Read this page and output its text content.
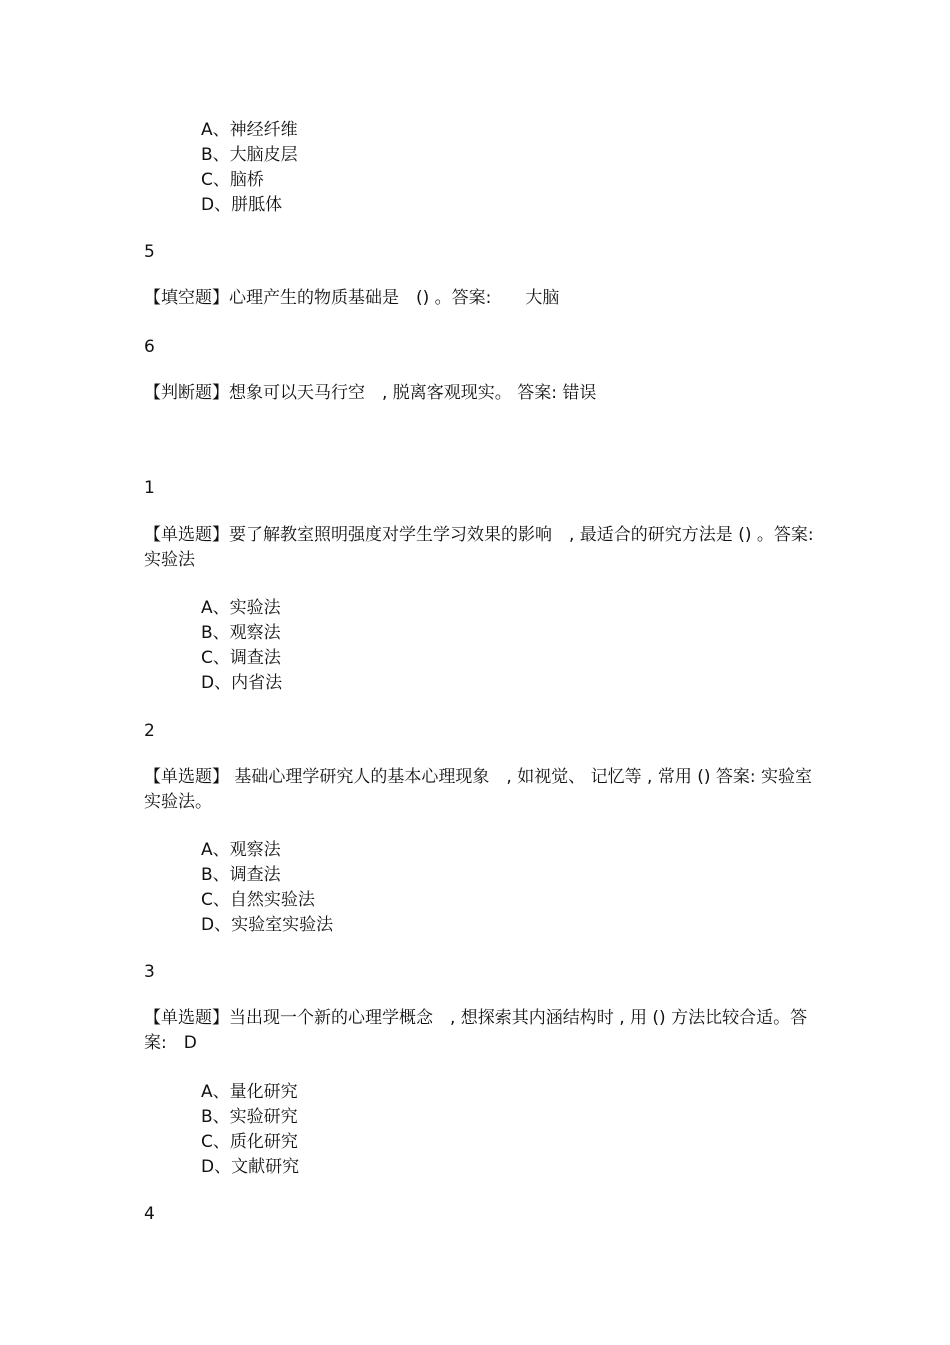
A、神经纤维
B、大脑皮层
C、脑桥
D、胼胝体
5
【填空题】心理产生的物质基础是　() 。答案:　　大脑
6
【判断题】想象可以天马行空　, 脱离客观现实。 答案: 错误
1
【单选题】要了解教室照明强度对学生学习效果的影响　, 最适合的研究方法是 () 。答案: 实验法
A、实验法
B、观察法
C、调查法
D、内省法
2
【单选题】 基础心理学研究人的基本心理现象　, 如视觉、 记忆等 , 常用 () 答案: 实验室实验法。
A、观察法
B、调查法
C、自然实验法
D、实验室实验法
3
【单选题】当出现一个新的心理学概念　, 想探索其内涵结构时 , 用 () 方法比较合适。答案:　D
A、量化研究
B、实验研究
C、质化研究
D、文献研究
4
